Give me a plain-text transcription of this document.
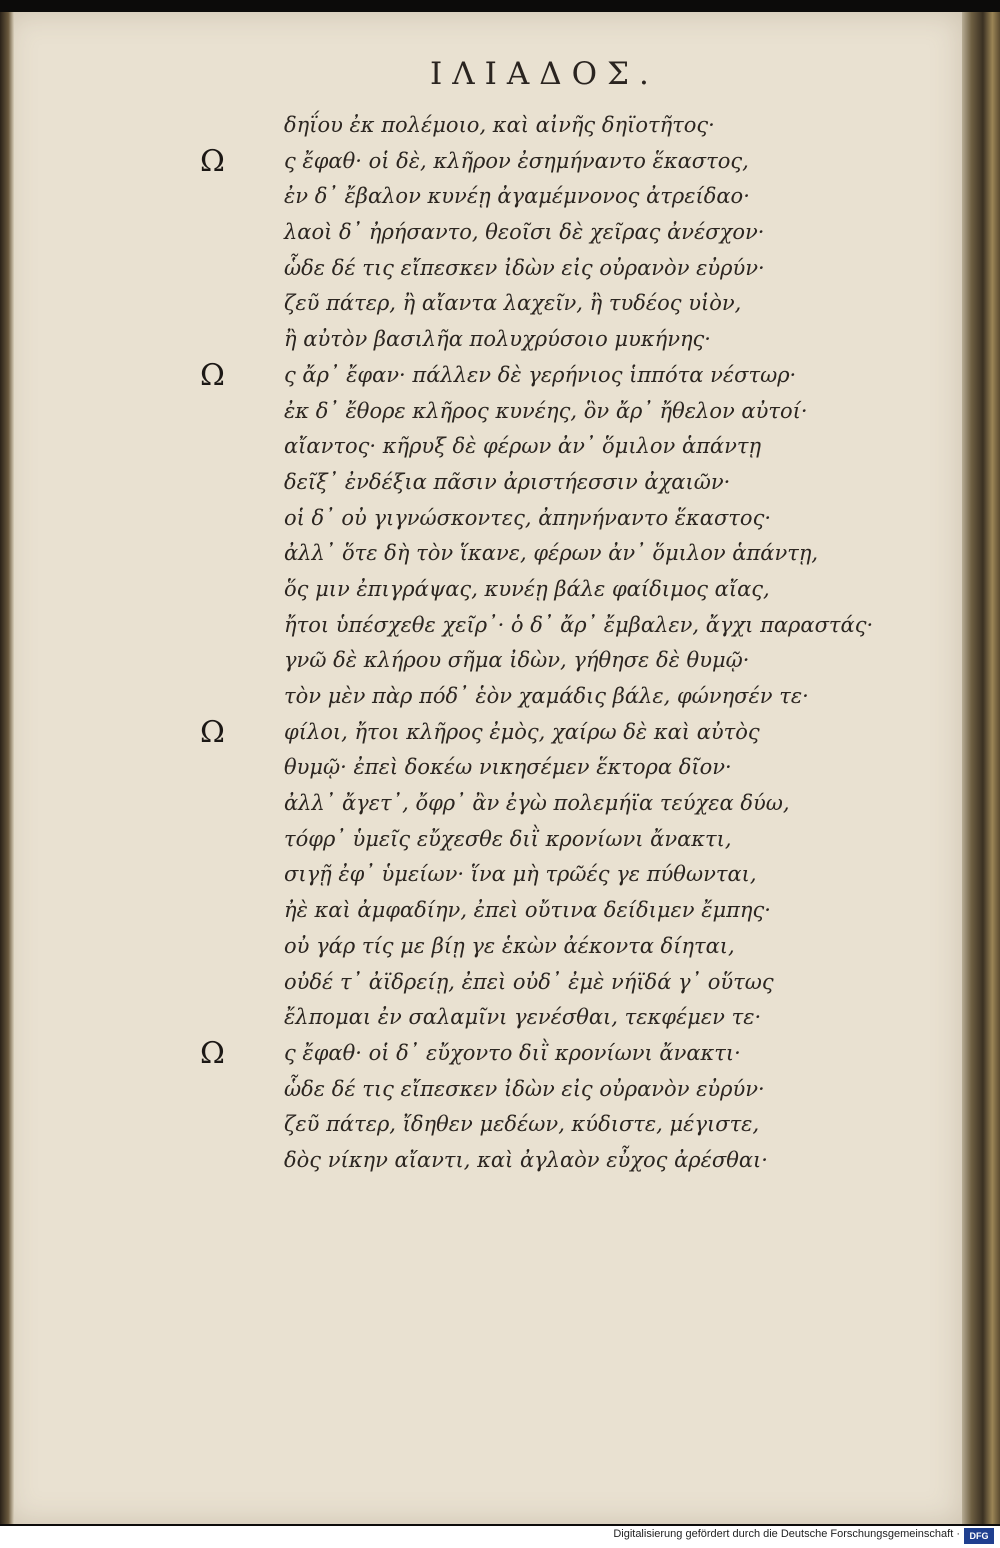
ΙΛΙΑΔΟΣ.
δηΐου ἐκ πολέμοιο, καὶ αἰνῆς δηϊοτῆτος·
Ω	ς ἔφαθ· οἱ δὲ, κλῆρον ἐσημήναντο ἕκαστος,
ἐν δ᾽ ἔβαλον κυνέῃ ἀγαμέμνονος ἀτρείδαο·
λαοὶ δ᾽ ἠρήσαντο, θεοῖσι δὲ χεῖρας ἀνέσχον·
ὧδε δέ τις εἴπεσκεν ἰδὼν εἰς οὐρανὸν εὐρύν·
ζεῦ πάτερ, ἢ αἴαντα λαχεῖν, ἢ τυδέος υἱὸν,
ἢ αὐτὸν βασιλῆα πολυχρύσοιο μυκήνης·
Ω	ς ἄρ᾽ ἔφαν· πάλλεν δὲ γερήνιος ἱππότα νέστωρ·
ἐκ δ᾽ ἔθορε κλῆρος κυνέης, ὃν ἄρ᾽ ἤθελον αὐτοί·
αἴαντος· κῆρυξ δὲ φέρων ἀν᾽ ὅμιλον ἁπάντῃ
δεῖξ᾽ ἐνδέξια πᾶσιν ἀριστήεσσιν ἀχαιῶν·
οἱ δ᾽ οὐ γιγνώσκοντες, ἀπηνήναντο ἕκαστος·
ἀλλ᾽ ὅτε δὴ τὸν ἵκανε, φέρων ἀν᾽ ὅμιλον ἁπάντῃ,
ὅς μιν ἐπιγράψας, κυνέῃ βάλε φαίδιμος αἴας,
ἤτοι ὑπέσχεθε χεῖρ᾽· ὁ δ᾽ ἄρ᾽ ἔμβαλεν, ἄγχι παραστάς·
γνῶ δὲ κλήρου σῆμα ἰδὼν, γήθησε δὲ θυμῷ·
τὸν μὲν πὰρ πόδ᾽ ἑὸν χαμάδις βάλε, φώνησέν τε·
Ω	φίλοι, ἤτοι κλῆρος ἐμὸς, χαίρω δὲ καὶ αὐτὸς
θυμῷ· ἐπεὶ δοκέω νικησέμεν ἕκτορα δῖον·
ἀλλ᾽ ἄγετ᾽, ὄφρ᾽ ἂν ἐγὼ πολεμήϊα τεύχεα δύω,
τόφρ᾽ ὑμεῖς εὔχεσθε διῒ κρονίωνι ἄνακτι,
σιγῇ ἐφ᾽ ὑμείων· ἵνα μὴ τρῶές γε πύθωνται,
ἠὲ καὶ ἀμφαδίην, ἐπεὶ οὔτινα δείδιμεν ἔμπης·
οὐ γάρ τίς με βίῃ γε ἑκὼν ἀέκοντα δίηται,
οὐδέ τ᾽ ἀϊδρείῃ, ἐπεὶ οὐδ᾽ ἐμὲ νήϊδά γ᾽ οὕτως
ἔλπομαι ἐν σαλαμῖνι γενέσθαι, τεκφέμεν τε·
Ω	ς ἔφαθ· οἱ δ᾽ εὔχοντο διῒ κρονίωνι ἄνακτι·
ὧδε δέ τις εἴπεσκεν ἰδὼν εἰς οὐρανὸν εὐρύν·
ζεῦ πάτερ, ἴδηθεν μεδέων, κύδιστε, μέγιστε,
δὸς νίκην αἴαντι, καὶ ἀγλαὸν εὖχος ἀρέσθαι·
Digitalisierung gefördert durch die Deutsche Forschungsgemeinschaft ·	DFG
